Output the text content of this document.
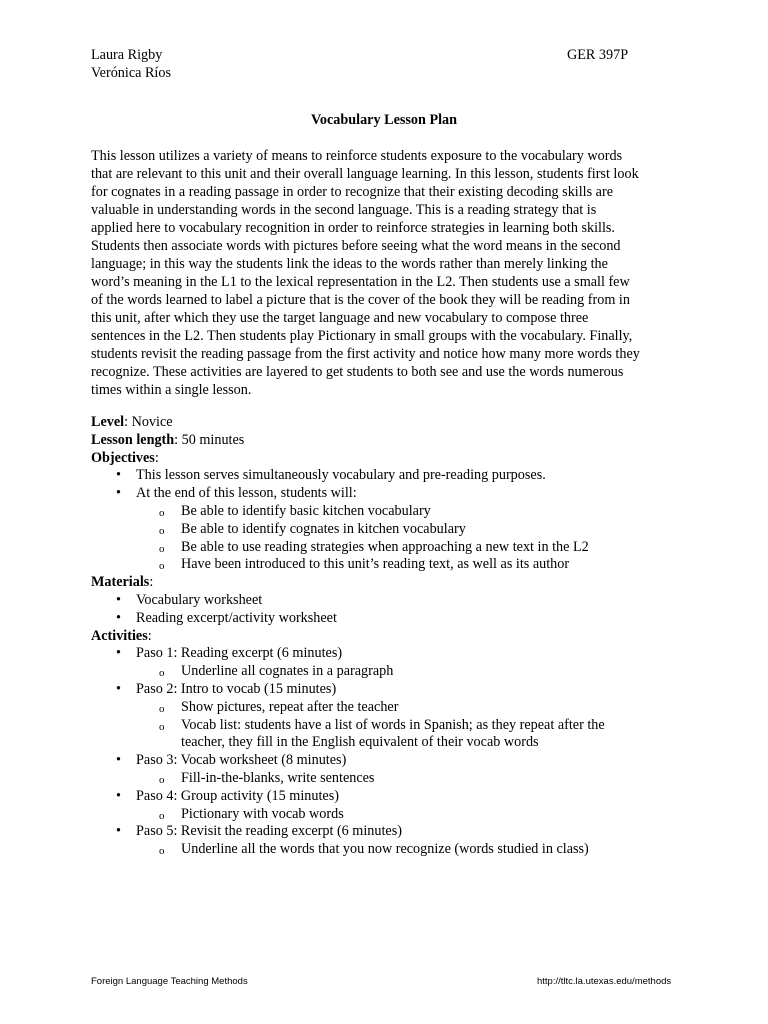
Laura Rigby
Verónica Ríos
GER 397P
Vocabulary Lesson Plan
This lesson utilizes a variety of means to reinforce students exposure to the vocabulary words
that are relevant to this unit and their overall language learning. In this lesson, students first look
for cognates in a reading passage in order to recognize that their existing decoding skills are
valuable in understanding words in the second language. This is a reading strategy that is
applied here to vocabulary recognition in order to reinforce strategies in learning both skills.
Students then associate words with pictures before seeing what the word means in the second
language; in this way the students link the ideas to the words rather than merely linking the
word’s meaning in the L1 to the lexical representation in the L2. Then students use a small few
of the words learned to label a picture that is the cover of the book they will be reading from in
this unit, after which they use the target language and new vocabulary to compose three
sentences in the L2. Then students play Pictionary in small groups with the vocabulary. Finally,
students revisit the reading passage from the first activity and notice how many more words they
recognize. These activities are layered to get students to both see and use the words numerous
times within a single lesson.
Level: Novice
Lesson length: 50 minutes
Objectives:
• This lesson serves simultaneously vocabulary and pre-reading purposes.
• At the end of this lesson, students will:
o Be able to identify basic kitchen vocabulary
o Be able to identify cognates in kitchen vocabulary
o Be able to use reading strategies when approaching a new text in the L2
o Have been introduced to this unit’s reading text, as well as its author
Materials:
• Vocabulary worksheet
• Reading excerpt/activity worksheet
Activities:
• Paso 1: Reading excerpt (6 minutes)
o Underline all cognates in a paragraph
• Paso 2: Intro to vocab (15 minutes)
o Show pictures, repeat after the teacher
o Vocab list: students have a list of words in Spanish; as they repeat after the
teacher, they fill in the English equivalent of their vocab words
• Paso 3: Vocab worksheet (8 minutes)
o Fill-in-the-blanks, write sentences
• Paso 4: Group activity (15 minutes)
o Pictionary with vocab words
• Paso 5: Revisit the reading excerpt (6 minutes)
o Underline all the words that you now recognize (words studied in class)
Foreign Language Teaching Methods	http://tltc.la.utexas.edu/methods
